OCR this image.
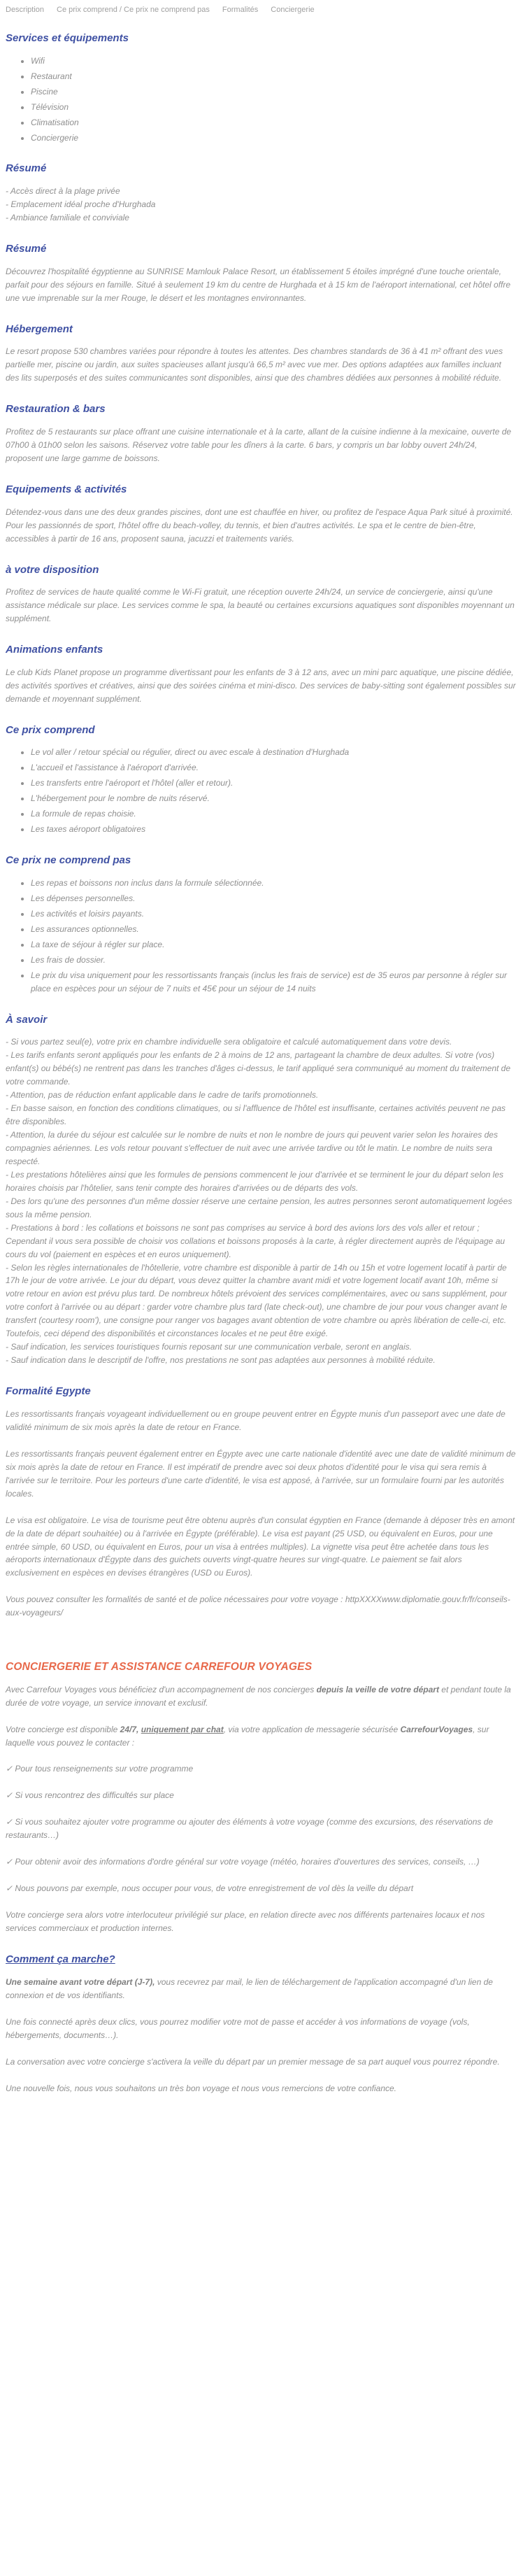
Description Ce prix comprend / Ce prix ne comprend pas Formalités Conciergerie
Services et équipements
• Wifi
• Restaurant
• Piscine
• Télévision
• Climatisation
• Conciergerie
Résumé

- Accès direct à la plage privée

- Emplacement idéal proche d'Hurghada

- Ambiance familiale et conviviale

Résumé

Découvrez l'hospitalité égyptienne au SUNRISE Mamlouk Palace Resort, un établissement 5 étoiles imprégné d'une touche orientale, parfait pour des séjours en famille. Situé à seulement 19 km du centre de Hurghada et à 15 km de l'aéroport international, cet hôtel offre une vue imprenable sur la mer Rouge, le désert et les montagnes environnantes.

Hébergement

Le resort propose 530 chambres variées pour répondre à toutes les attentes. Des chambres standards de 36 à 41 m² offrant des vues partielle mer, piscine ou jardin, aux suites spacieuses allant jusqu'à 66,5 m² avec vue mer. Des options adaptées aux familles incluant des lits superposés et des suites communicantes sont disponibles, ainsi que des chambres dédiées aux personnes à mobilité réduite.

Restauration & bars

Profitez de 5 restaurants sur place offrant une cuisine internationale et à la carte, allant de la cuisine indienne à la mexicaine, ouverte de 07h00 à 01h00 selon les saisons. Réservez votre table pour les dîners à la carte. 6 bars, y compris un bar lobby ouvert 24h/24, proposent une large gamme de boissons.

Equipements & activités

Détendez-vous dans une des deux grandes piscines, dont une est chauffée en hiver, ou profitez de l'espace Aqua Park situé à proximité. Pour les passionnés de sport, l'hôtel offre du beach-volley, du tennis, et bien d'autres activités. Le spa et le centre de bien-être, accessibles à partir de 16 ans, proposent sauna, jacuzzi et traitements variés.

à votre disposition

Profitez de services de haute qualité comme le Wi-Fi gratuit, une réception ouverte 24h/24, un service de conciergerie, ainsi qu'une assistance médicale sur place. Les services comme le spa, la beauté ou certaines excursions aquatiques sont disponibles moyennant un supplément.

Animations enfants

Le club Kids Planet propose un programme divertissant pour les enfants de 3 à 12 ans, avec un mini parc aquatique, une piscine dédiée, des activités sportives et créatives, ainsi que des soirées cinéma et mini-disco. Des services de baby-sitting sont également possibles sur demande et moyennant supplément.

Ce prix comprend
• Le vol aller / retour spécial ou régulier, direct ou avec escale à destination d'Hurghada
• L'accueil et l'assistance à l'aéroport d'arrivée.
• Les transferts entre l'aéroport et l'hôtel (aller et retour).
• L'hébergement pour le nombre de nuits réservé.
• La formule de repas choisie.
• Les taxes aéroport obligatoires
Ce prix ne comprend pas
• Les repas et boissons non inclus dans la formule sélectionnée.
• Les dépenses personnelles.
• Les activités et loisirs payants.
• Les assurances optionnelles.
• La taxe de séjour à régler sur place.
• Les frais de dossier.
• Le prix du visa uniquement pour les ressortissants français (inclus les frais de service) est de 35 euros par personne à régler sur place en espèces pour un séjour de 7 nuits et 45€ pour un séjour de 14 nuits
À savoir

- Si vous partez seul(e), votre prix en chambre individuelle sera obligatoire et calculé automatiquement dans votre devis.

- Les tarifs enfants seront appliqués pour les enfants de 2 à moins de 12 ans, partageant la chambre de deux adultes. Si votre (vos) enfant(s) ou bébé(s) ne rentrent pas dans les tranches d'âges ci-dessus, le tarif appliqué sera communiqué au moment du traitement de votre commande.

- Attention, pas de réduction enfant applicable dans le cadre de tarifs promotionnels.

- En basse saison, en fonction des conditions climatiques, ou si l'affluence de l'hôtel est insuffisante, certaines activités peuvent ne pas être disponibles.

- Attention, la durée du séjour est calculée sur le nombre de nuits et non le nombre de jours qui peuvent varier selon les horaires des compagnies aériennes. Les vols retour pouvant s'effectuer de nuit avec une arrivée tardive ou tôt le matin. Le nombre de nuits sera respecté.

- Les prestations hôtelières ainsi que les formules de pensions commencent le jour d'arrivée et se terminent le jour du départ selon les horaires choisis par l'hôtelier, sans tenir compte des horaires d'arrivées ou de départs des vols.

- Des lors qu'une des personnes d'un même dossier réserve une certaine pension, les autres personnes seront automatiquement logées sous la même pension.

- Prestations à bord : les collations et boissons ne sont pas comprises au service à bord des avions lors des vols aller et retour ; Cependant il vous sera possible de choisir vos collations et boissons proposés à la carte, à régler directement auprès de l'équipage au cours du vol (paiement en espèces et en euros uniquement).

- Selon les règles internationales de l'hôtellerie, votre chambre est disponible à partir de 14h ou 15h et votre logement locatif à partir de 17h le jour de votre arrivée. Le jour du départ, vous devez quitter la chambre avant midi et votre logement locatif avant 10h, même si votre retour en avion est prévu plus tard. De nombreux hôtels prévoient des services complémentaires, avec ou sans supplément, pour votre confort à l'arrivée ou au départ : garder votre chambre plus tard (late check-out), une chambre de jour pour vous changer avant le transfert (courtesy room'), une consigne pour ranger vos bagages avant obtention de votre chambre ou après libération de celle-ci, etc. Toutefois, ceci dépend des disponibilités et circonstances locales et ne peut être exigé.

- Sauf indication, les services touristiques fournis reposant sur une communication verbale, seront en anglais.

- Sauf indication dans le descriptif de l'offre, nos prestations ne sont pas adaptées aux personnes à mobilité réduite.

Formalité Egypte

Les ressortissants français voyageant individuellement ou en groupe peuvent entrer en Égypte munis d'un passeport avec une date de validité minimum de six mois après la date de retour en France.

Les ressortissants français peuvent également entrer en Égypte avec une carte nationale d'identité avec une date de validité minimum de six mois après la date de retour en France. Il est impératif de prendre avec soi deux photos d'identité pour le visa qui sera remis à l'arrivée sur le territoire. Pour les porteurs d'une carte d'identité, le visa est apposé, à l'arrivée, sur un formulaire fourni par les autorités locales.

Le visa est obligatoire. Le visa de tourisme peut être obtenu auprès d'un consulat égyptien en France (demande à déposer très en amont de la date de départ souhaitée) ou à l'arrivée en Égypte (préférable). Le visa est payant (25 USD, ou équivalent en Euros, pour une entrée simple, 60 USD, ou équivalent en Euros, pour un visa à entrées multiples). La vignette visa peut être achetée dans tous les aéroports internationaux d'Égypte dans des guichets ouverts vingt-quatre heures sur vingt-quatre. Le paiement se fait alors exclusivement en espèces en devises étrangères (USD ou Euros).

Vous pouvez consulter les formalités de santé et de police nécessaires pour votre voyage : httpXXXXwww.diplomatie.gouv.fr/fr/conseils-aux-voyageurs/

CONCIERGERIE ET ASSISTANCE CARREFOUR VOYAGES

Avec Carrefour Voyages vous bénéficiez d'un accompagnement de nos concierges depuis la veille de votre départ et pendant toute la durée de votre voyage, un service innovant et exclusif.

Votre concierge est disponible 24/7, uniquement par chat, via votre application de messagerie sécurisée CarrefourVoyages, sur laquelle vous pouvez le contacter :

✓ Pour tous renseignements sur votre programme

✓ Si vous rencontrez des difficultés sur place

✓ Si vous souhaitez ajouter votre programme ou ajouter des éléments à votre voyage (comme des excursions, des réservations de restaurants…)

✓ Pour obtenir avoir des informations d'ordre général sur votre voyage (météo, horaires d'ouvertures des services, conseils, …)

✓ Nous pouvons par exemple, nous occuper pour vous, de votre enregistrement de vol dès la veille du départ

Votre concierge sera alors votre interlocuteur privilégié sur place, en relation directe avec nos différents partenaires locaux et nos services commerciaux et production internes.

Comment ça marche?

Une semaine avant votre départ (J-7), vous recevrez par mail, le lien de téléchargement de l'application accompagné d'un lien de connexion et de vos identifiants.

Une fois connecté après deux clics, vous pourrez modifier votre mot de passe et accéder à vos informations de voyage (vols, hébergements, documents…).

La conversation avec votre concierge s'activera la veille du départ par un premier message de sa part auquel vous pourrez répondre.

Une nouvelle fois, nous vous souhaitons un très bon voyage et nous vous remercions de votre confiance.
